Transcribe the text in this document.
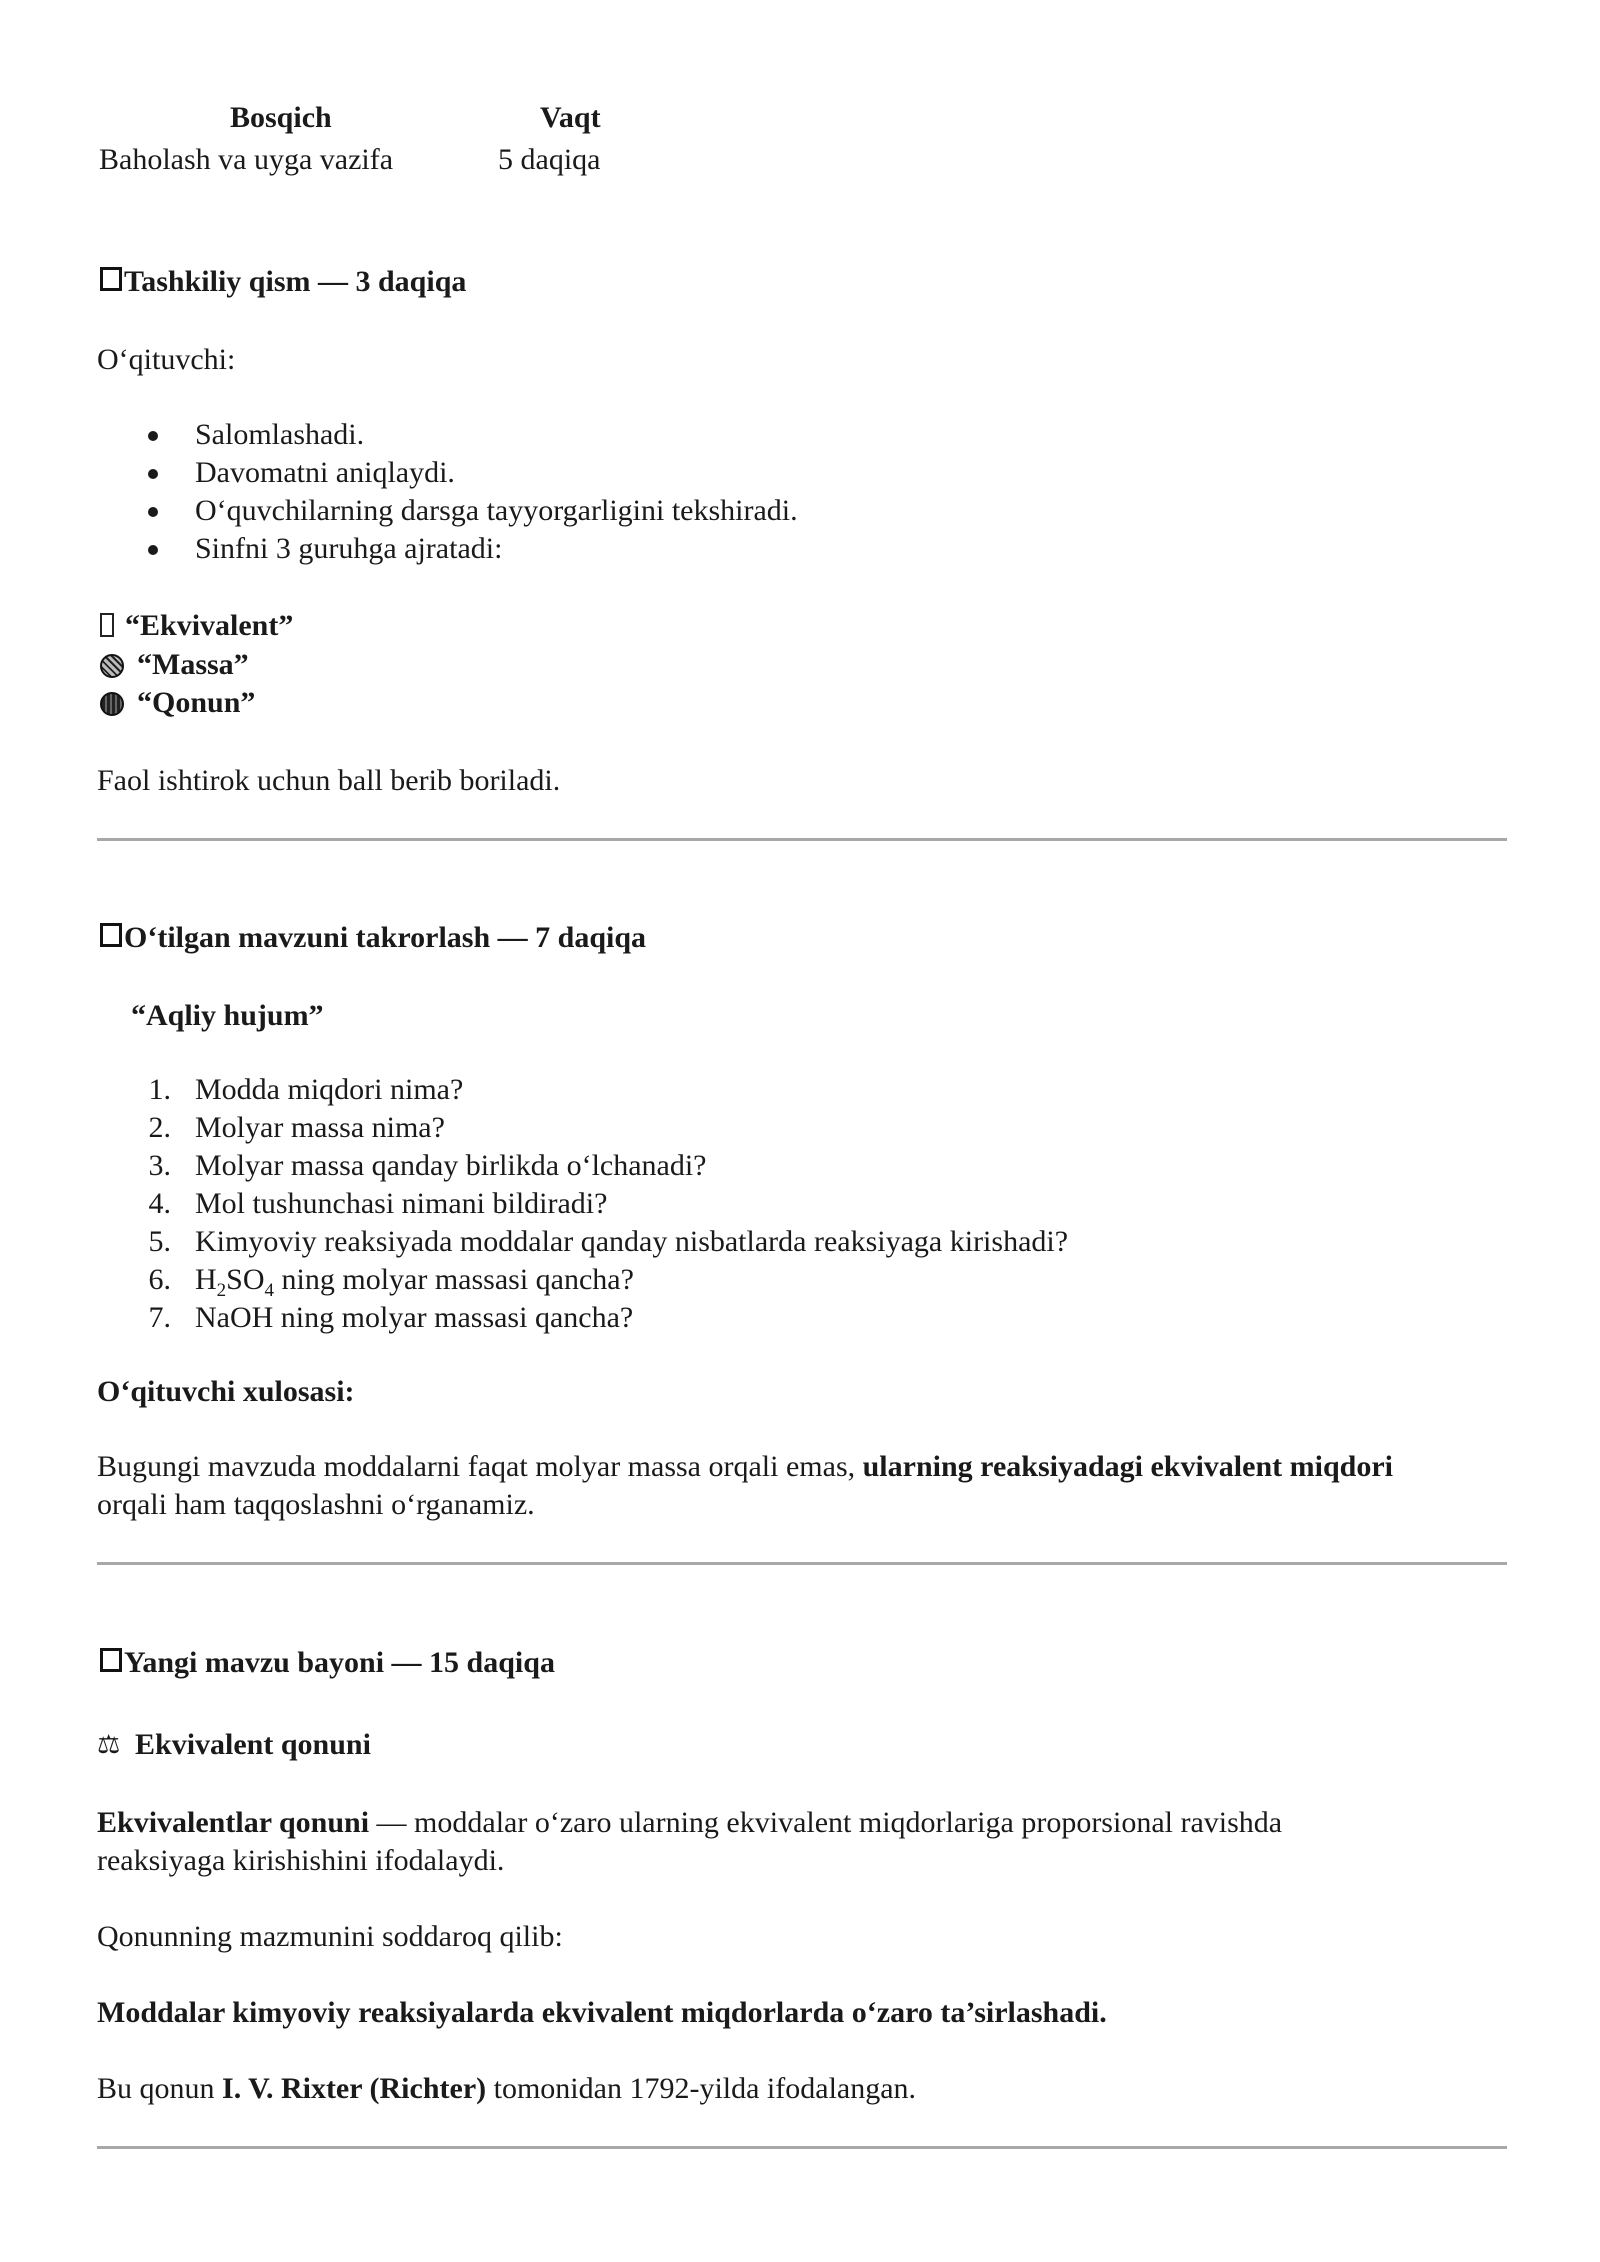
Bosqich	Vaqt
Baholash va uyga vazifa	5 daqiqa
Tashkiliy qism — 3 daqiqa
O‘qituvchi:
Salomlashadi.
Davomatni aniqlaydi.
O‘quvchilarning darsga tayyorgarligini tekshiradi.
Sinfni 3 guruhga ajratadi:
“Ekvivalent”
“Massa”
“Qonun”
Faol ishtirok uchun ball berib boriladi.
O‘tilgan mavzuni takrorlash — 7 daqiqa
“Aqliy hujum”
1. Modda miqdori nima?
2. Molyar massa nima?
3. Molyar massa qanday birlikda o‘lchanadi?
4. Mol tushunchasi nimani bildiradi?
5. Kimyoviy reaksiyada moddalar qanday nisbatlarda reaksiyaga kirishadi?
6. $H_2SO_4$ ning molyar massasi qancha?
7. NaOH ning molyar massasi qancha?
O‘qituvchi xulosasi:
Bugungi mavzuda moddalarni faqat molyar massa orqali emas, ularning reaksiyadagi ekvivalent miqdori
orqali ham taqqoslashni o‘rganamiz.
Yangi mavzu bayoni — 15 daqiqa
⚖ Ekvivalent qonuni
Ekvivalentlar qonuni — moddalar o‘zaro ularning ekvivalent miqdorlariga proporsional ravishda
reaksiyaga kirishishini ifodalaydi.
Qonunning mazmunini soddaroq qilib:
Moddalar kimyoviy reaksiyalarda ekvivalent miqdorlarda o‘zaro ta’sirlashadi.
Bu qonun I. V. Rixter (Richter) tomonidan 1792-yilda ifodalangan.
